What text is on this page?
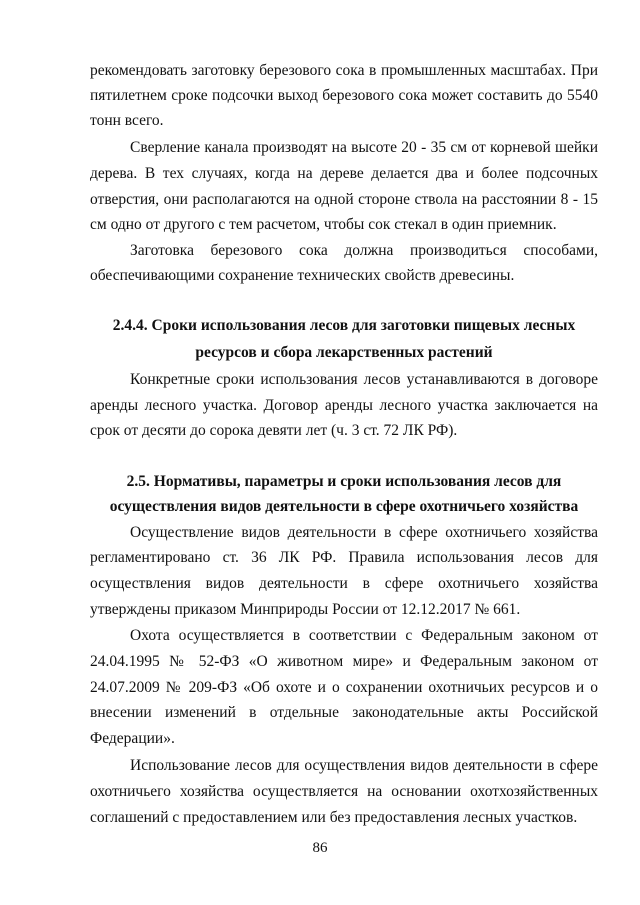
рекомендовать заготовку березового сока в промышленных масштабах. При
пятилетнем сроке подсочки выход березового сока может составить до 5540
тонн всего.
Сверление канала производят на высоте 20 - 35 см от корневой шейки
дерева. В тех случаях, когда на дереве делается два и более подсочных
отверстия, они располагаются на одной стороне ствола на расстоянии 8 - 15
см одно от другого с тем расчетом, чтобы сок стекал в один приемник.
Заготовка березового сока должна производиться способами,
обеспечивающими сохранение технических свойств древесины.
2.4.4. Сроки использования лесов для заготовки пищевых лесных
ресурсов и сбора лекарственных растений
Конкретные сроки использования лесов устанавливаются в договоре
аренды лесного участка. Договор аренды лесного участка заключается на
срок от десяти до сорока девяти лет (ч. 3 ст. 72 ЛК РФ).
2.5. Нормативы, параметры и сроки использования лесов для
осуществления видов деятельности в сфере охотничьего хозяйства
Осуществление видов деятельности в сфере охотничьего хозяйства
регламентировано ст. 36 ЛК РФ. Правила использования лесов для
осуществления видов деятельности в сфере охотничьего хозяйства
утверждены приказом Минприроды России от 12.12.2017 № 661.
Охота осуществляется в соответствии с Федеральным законом от
24.04.1995 № 52-ФЗ «О животном мире» и Федеральным законом от
24.07.2009 № 209-ФЗ «Об охоте и о сохранении охотничьих ресурсов и о
внесении изменений в отдельные законодательные акты Российской
Федерации».
Использование лесов для осуществления видов деятельности в сфере
охотничьего хозяйства осуществляется на основании охотхозяйственных
соглашений с предоставлением или без предоставления лесных участков.
86
